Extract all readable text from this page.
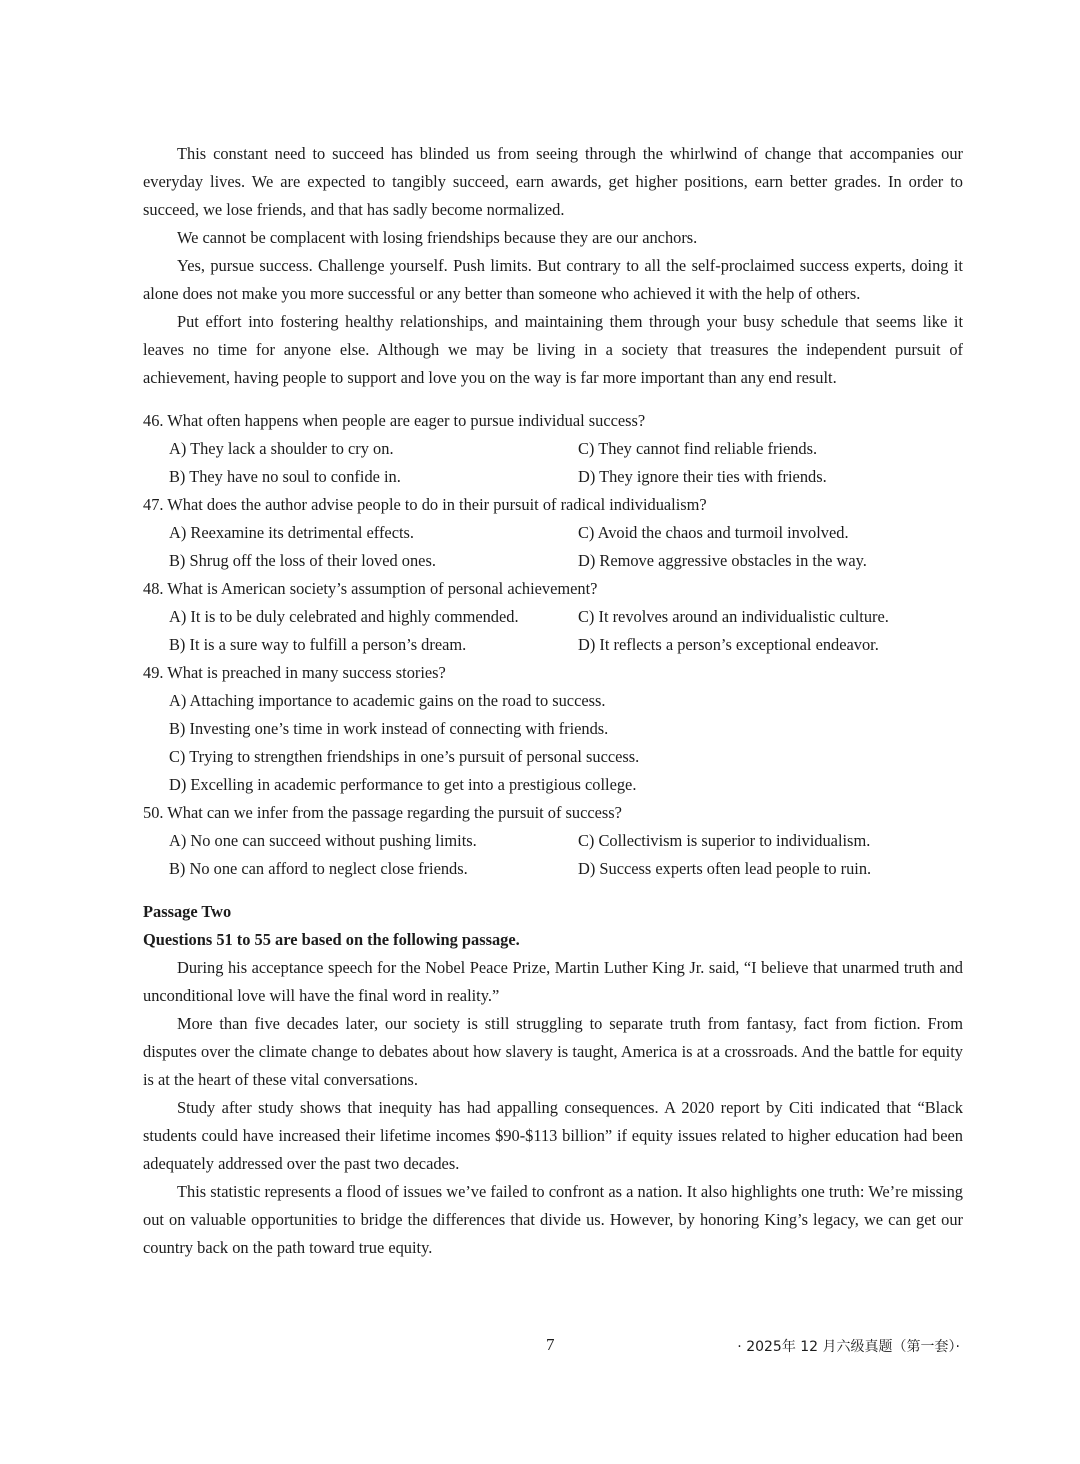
This constant need to succeed has blinded us from seeing through the whirlwind of change that accompanies our everyday lives. We are expected to tangibly succeed, earn awards, get higher positions, earn better grades. In order to succeed, we lose friends, and that has sadly become normalized.

We cannot be complacent with losing friendships because they are our anchors.

Yes, pursue success. Challenge yourself. Push limits. But contrary to all the self-proclaimed success experts, doing it alone does not make you more successful or any better than someone who achieved it with the help of others.

Put effort into fostering healthy relationships, and maintaining them through your busy schedule that seems like it leaves no time for anyone else. Although we may be living in a society that treasures the independent pursuit of achievement, having people to support and love you on the way is far more important than any end result.

46. What often happens when people are eager to pursue individual success?

A) They lack a shoulder to cry on.	C) They cannot find reliable friends.
B) They have no soul to confide in.	D) They ignore their ties with friends.

47. What does the author advise people to do in their pursuit of radical individualism?

A) Reexamine its detrimental effects.	C) Avoid the chaos and turmoil involved.
B) Shrug off the loss of their loved ones.	D) Remove aggressive obstacles in the way.

48. What is American society’s assumption of personal achievement?

A) It is to be duly celebrated and highly commended.	C) It revolves around an individualistic culture.
B) It is a sure way to fulfill a person’s dream.	D) It reflects a person’s exceptional endeavor.

49. What is preached in many success stories?

A) Attaching importance to academic gains on the road to success.
B) Investing one’s time in work instead of connecting with friends.
C) Trying to strengthen friendships in one’s pursuit of personal success.
D) Excelling in academic performance to get into a prestigious college.

50. What can we infer from the passage regarding the pursuit of success?

A) No one can succeed without pushing limits.	C) Collectivism is superior to individualism.
B) No one can afford to neglect close friends.	D) Success experts often lead people to ruin.

Passage Two

Questions 51 to 55 are based on the following passage.

During his acceptance speech for the Nobel Peace Prize, Martin Luther King Jr. said, “I believe that unarmed truth and unconditional love will have the final word in reality.”

More than five decades later, our society is still struggling to separate truth from fantasy, fact from fiction. From disputes over the climate change to debates about how slavery is taught, America is at a crossroads. And the battle for equity is at the heart of these vital conversations.

Study after study shows that inequity has had appalling consequences. A 2020 report by Citi indicated that “Black students could have increased their lifetime incomes $90-$113 billion” if equity issues related to higher education had been adequately addressed over the past two decades.

This statistic represents a flood of issues we’ve failed to confront as a nation. It also highlights one truth: We’re missing out on valuable opportunities to bridge the differences that divide us. However, by honoring King’s legacy, we can get our country back on the path toward true equity.

7	· 2025年 12 月六级真题（第一套）·
